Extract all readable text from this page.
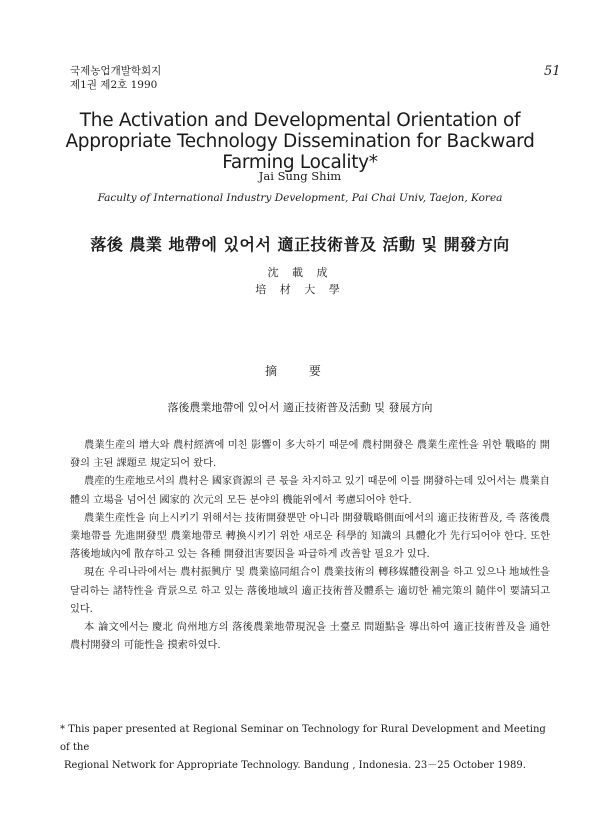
국제농업개발학회지
제1권 제2호 1990
51
The Activation and Developmental Orientation of Appropriate Technology Dissemination for Backward Farming Locality*
Jai Sung Shim
Faculty of International Industry Development, Pai Chai Univ, Taejon, Korea
落後 農業 地帶에 있어서 適正技術普及 活動 및 開發方向
沈 載 成
培 材 大 學
摘 要
落後農業地帶에 있어서 適正技術普及活動 및 發展方向

農業生産의 增大와 農村經濟에 미친 影響이 多大하기 때문에 農村開發은 農業生産性을 위한 戰略的 開發의 主된 課題로 規定되어 왔다.

農産的生産地로서의 農村은 國家資源의 큰 몫을 차지하고 있기 때문에 이를 開發하는데 있어서는 農業自體의 立場을 넘어선 國家的 次元의 모든 분야의 機能위에서 考慮되어야 한다.

農業生産性을 向上시키기 위해서는 技術開發뿐만 아니라 開發戰略側面에서의 適正技術普及, 즉 落後農業地帶를 先進開發型 農業地帶로 轉換시키기 위한 새로운 科學的 知識의 具體化가 先行되어야 한다. 또한 落後地域內에 散存하고 있는 各種 開發沮害要因을 파급하게 改善할 필요가 있다.

現在 우리나라에서는 農村振興庁 및 農業協同組合이 農業技術의 轉移媒體役割을 하고 있으나 地域性을 달리하는 諸特性을 背景으로 하고 있는 落後地域의 適正技術普及體系는 適切한 補完策의 隨伴이 要請되고 있다.

本 論文에서는 慶北 尙州地方의 落後農業地帶現況을 土臺로 問題點을 導出하여 適正技術普及을 通한 農村開發의 可能性을 摸索하였다.

* This paper presented at Regional Seminar on Technology for Rural Development and Meeting of the
Regional Network for Appropriate Technology. Bandung , Indonesia. 23－25 October 1989.
